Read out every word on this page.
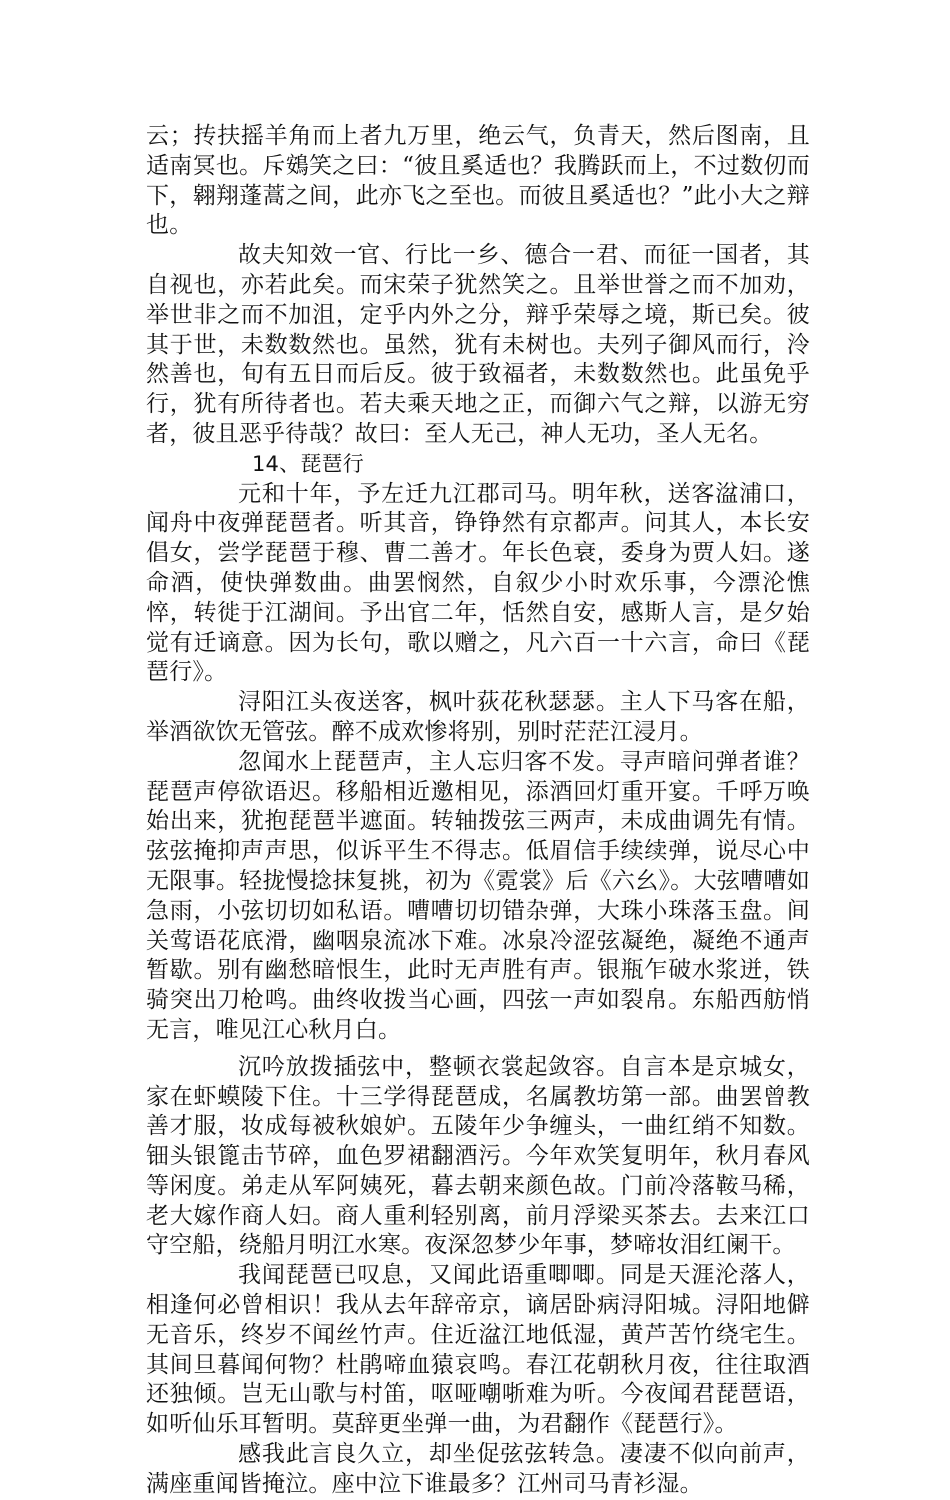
云；抟扶摇羊角而上者九万里，绝云气，负青天，然后图南，且适南冥也。斥鴳笑之曰：“彼且奚适也？我腾跃而上，不过数仞而下，翱翔蓬蒿之间，此亦飞之至也。而彼且奚适也？”此小大之辩也。

故夫知效一官、行比一乡、德合一君、而征一国者，其自视也，亦若此矣。而宋荣子犹然笑之。且举世誉之而不加劝，举世非之而不加沮，定乎内外之分，辩乎荣辱之境，斯已矣。彼其于世，未数数然也。虽然，犹有未树也。夫列子御风而行，泠然善也，旬有五日而后反。彼于致福者，未数数然也。此虽免乎行，犹有所待者也。若夫乘天地之正，而御六气之辩，以游无穷者，彼且恶乎待哉？故曰：至人无己，神人无功，圣人无名。

14、琵琶行

元和十年，予左迁九江郡司马。明年秋，送客湓浦口，闻舟中夜弹琵琶者。听其音，铮铮然有京都声。问其人，本长安倡女，尝学琵琶于穆、曹二善才。年长色衰，委身为贾人妇。遂命酒，使快弹数曲。曲罢悯然，自叙少小时欢乐事，今漂沦憔悴，转徙于江湖间。予出官二年，恬然自安，感斯人言，是夕始觉有迁谪意。因为长句，歌以赠之，凡六百一十六言，命曰《琵琶行》。

浔阳江头夜送客，枫叶荻花秋瑟瑟。主人下马客在船，举酒欲饮无管弦。醉不成欢惨将别，别时茫茫江浸月。

忽闻水上琵琶声，主人忘归客不发。寻声暗问弹者谁？琵琶声停欲语迟。移船相近邀相见，添酒回灯重开宴。千呼万唤始出来，犹抱琵琶半遮面。转轴拨弦三两声，未成曲调先有情。弦弦掩抑声声思，似诉平生不得志。低眉信手续续弹，说尽心中无限事。轻拢慢捻抹复挑，初为《霓裳》后《六幺》。大弦嘈嘈如急雨，小弦切切如私语。嘈嘈切切错杂弹，大珠小珠落玉盘。间关莺语花底滑，幽咽泉流冰下难。冰泉冷涩弦凝绝，凝绝不通声暂歇。别有幽愁暗恨生，此时无声胜有声。银瓶乍破水浆迸，铁骑突出刀枪鸣。曲终收拨当心画，四弦一声如裂帛。东船西舫悄无言，唯见江心秋月白。

沉吟放拨插弦中，整顿衣裳起敛容。自言本是京城女，家在虾蟆陵下住。十三学得琵琶成，名属教坊第一部。曲罢曾教善才服，妆成每被秋娘妒。五陵年少争缠头，一曲红绡不知数。钿头银篦击节碎，血色罗裙翻酒污。今年欢笑复明年，秋月春风等闲度。弟走从军阿姨死，暮去朝来颜色故。门前冷落鞍马稀，老大嫁作商人妇。商人重利轻别离，前月浮梁买茶去。去来江口守空船，绕船月明江水寒。夜深忽梦少年事，梦啼妆泪红阑干。

我闻琵琶已叹息，又闻此语重唧唧。同是天涯沦落人，相逢何必曾相识！我从去年辞帝京，谪居卧病浔阳城。浔阳地僻无音乐，终岁不闻丝竹声。住近湓江地低湿，黄芦苦竹绕宅生。其间旦暮闻何物？杜鹃啼血猿哀鸣。春江花朝秋月夜，往往取酒还独倾。岂无山歌与村笛，呕哑嘲哳难为听。今夜闻君琵琶语，如听仙乐耳暂明。莫辞更坐弹一曲，为君翻作《琵琶行》。

感我此言良久立，却坐促弦弦转急。凄凄不似向前声，满座重闻皆掩泣。座中泣下谁最多？江州司马青衫湿。
